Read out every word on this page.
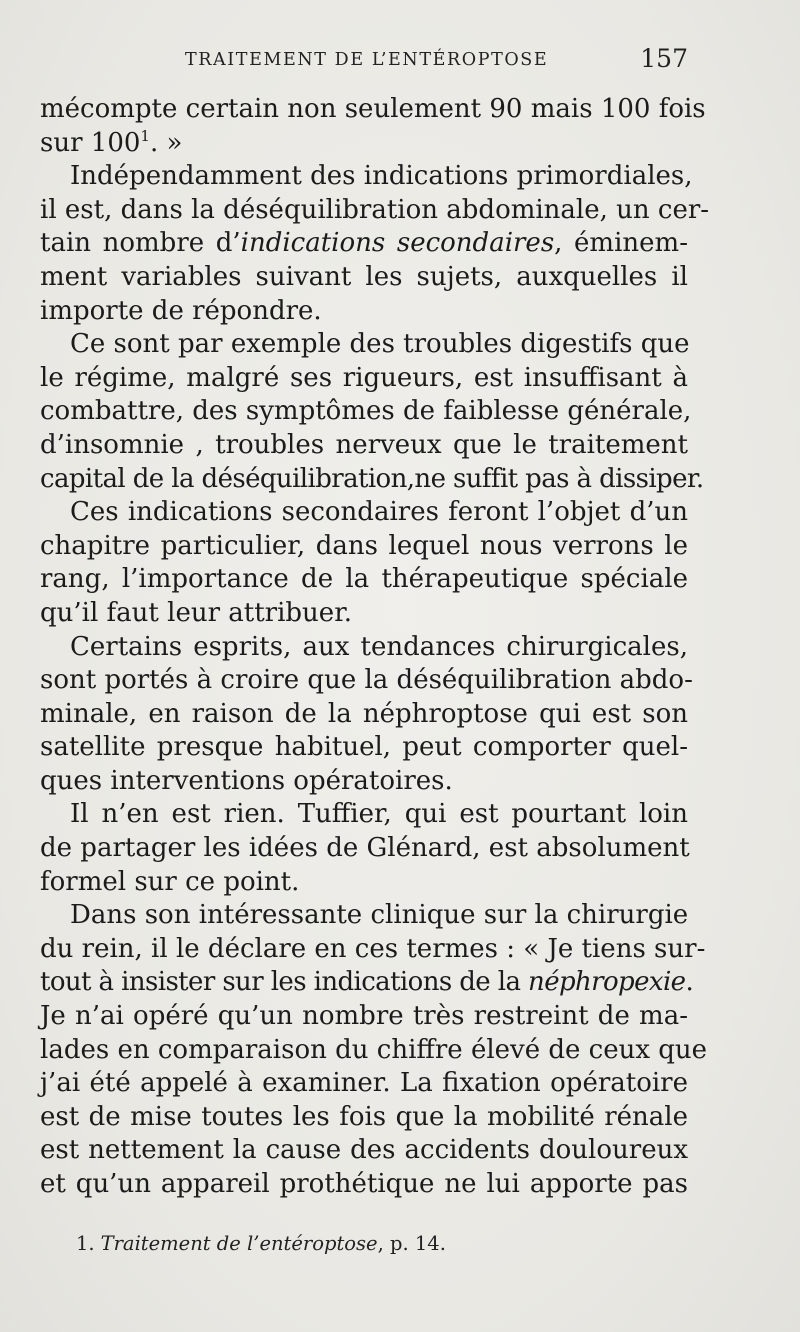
TRAITEMENT DE L’ENTÉROPTOSE	157
mécompte certain non seulement 90 mais 100 fois
sur $100^1$. »
Indépendamment des indications primordiales,
il est, dans la déséquilibration abdominale, un cer-
tain nombre d’indications secondaires, éminem-
ment variables suivant les sujets, auxquelles il
importe de répondre.
Ce sont par exemple des troubles digestifs que
le régime, malgré ses rigueurs, est insuffisant à
combattre, des symptômes de faiblesse générale,
d’insomnie , troubles nerveux que le traitement
capital de la déséquilibration,ne suffit pas à dissiper.
Ces indications secondaires feront l’objet d’un
chapitre particulier, dans lequel nous verrons le
rang, l’importance de la thérapeutique spéciale
qu’il faut leur attribuer.
Certains esprits, aux tendances chirurgicales,
sont portés à croire que la déséquilibration abdo-
minale, en raison de la néphroptose qui est son
satellite presque habituel, peut comporter quel-
ques interventions opératoires.
Il n’en est rien. Tuffier, qui est pourtant loin
de partager les idées de Glénard, est absolument
formel sur ce point.
Dans son intéressante clinique sur la chirurgie
du rein, il le déclare en ces termes : « Je tiens sur-
tout à insister sur les indications de la néphropexie.
Je n’ai opéré qu’un nombre très restreint de ma-
lades en comparaison du chiffre élevé de ceux que
j’ai été appelé à examiner. La fixation opératoire
est de mise toutes les fois que la mobilité rénale
est nettement la cause des accidents douloureux
et qu’un appareil prothétique ne lui apporte pas
1. Traitement de l’entéroptose, p. 14.
